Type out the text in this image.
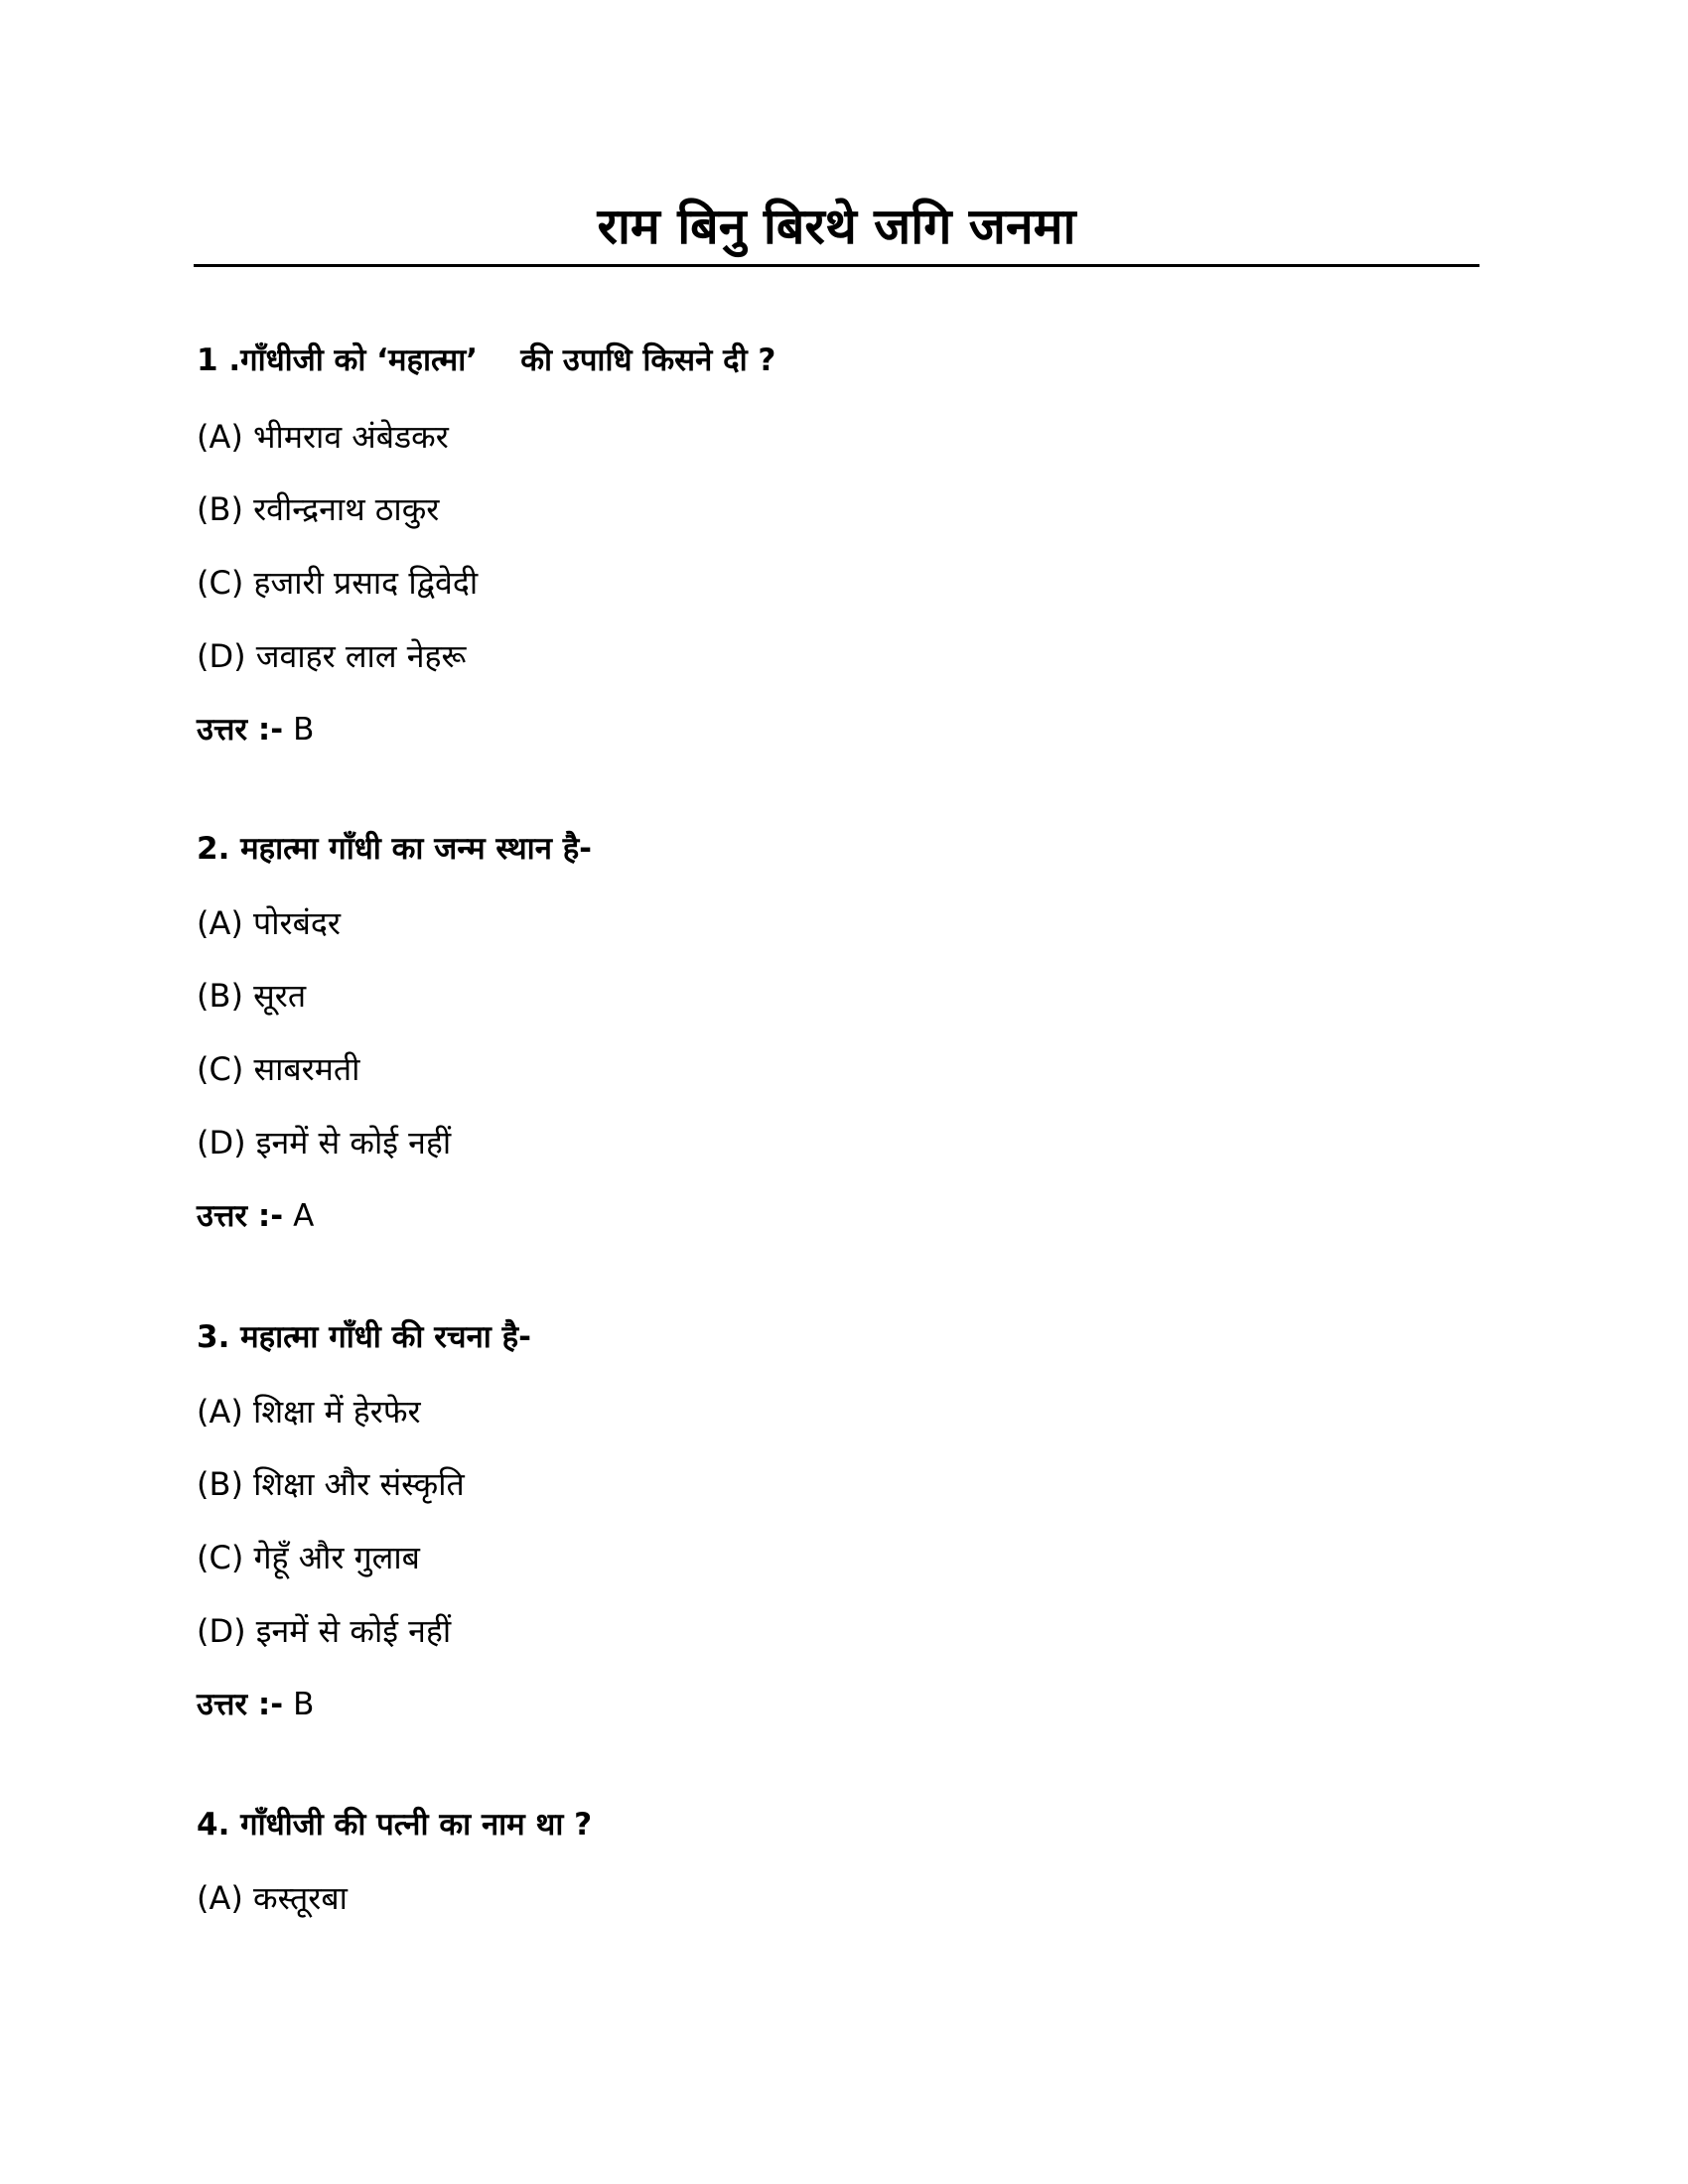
राम बिनु बिरथे जगि जनमा
1 .गाँधीजी को ‘महात्मा’    की उपाधि किसने दी ?
(A) भीमराव अंबेडकर
(B) रवीन्द्रनाथ ठाकुर
(C) हजारी प्रसाद द्विवेदी
(D) जवाहर लाल नेहरू
उत्तर :- B
2. महात्मा गाँधी का जन्म स्थान है-
(A) पोरबंदर
(B) सूरत
(C) साबरमती
(D) इनमें से कोई नहीं
उत्तर :- A
3. महात्मा गाँधी की रचना है-
(A) शिक्षा में हेरफेर
(B) शिक्षा और संस्कृति
(C) गेहूँ और गुलाब
(D) इनमें से कोई नहीं
उत्तर :- B
4. गाँधीजी की पत्नी का नाम था ?
(A) कस्तूरबा
